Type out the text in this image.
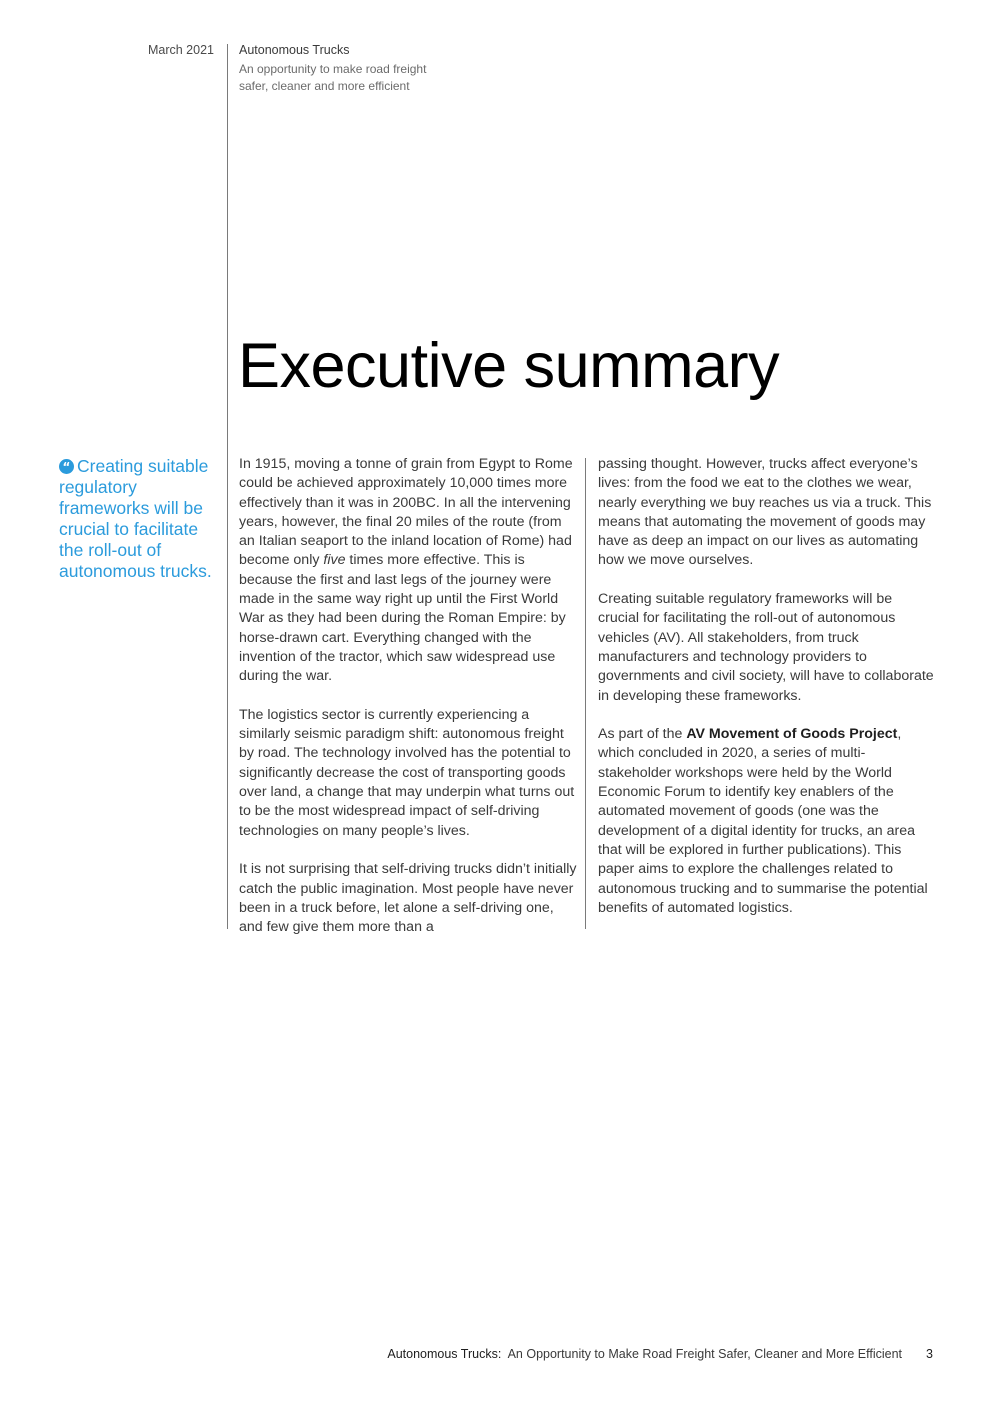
March 2021 Autonomous Trucks
An opportunity to make road freight
safer, cleaner and more efficient
Executive summary
“ Creating suitable regulatory frameworks will be crucial to facilitate the roll-out of autonomous trucks.

In 1915, moving a tonne of grain from Egypt to Rome could be achieved approximately 10,000 times more effectively than it was in 200BC. In all the intervening years, however, the final 20 miles of the route (from an Italian seaport to the inland location of Rome) had become only five times more effective. This is because the first and last legs of the journey were made in the same way right up until the First World War as they had been during the Roman Empire: by horse-drawn cart. Everything changed with the invention of the tractor, which saw widespread use during the war.

The logistics sector is currently experiencing a similarly seismic paradigm shift: autonomous freight by road. The technology involved has the potential to significantly decrease the cost of transporting goods over land, a change that may underpin what turns out to be the most widespread impact of self-driving technologies on many people’s lives.

It is not surprising that self-driving trucks didn’t initially catch the public imagination. Most people have never been in a truck before, let alone a self-driving one, and few give them more than a

passing thought. However, trucks affect everyone’s lives: from the food we eat to the clothes we wear, nearly everything we buy reaches us via a truck. This means that automating the movement of goods may have as deep an impact on our lives as automating how we move ourselves.

Creating suitable regulatory frameworks will be crucial for facilitating the roll-out of autonomous vehicles (AV). All stakeholders, from truck manufacturers and technology providers to governments and civil society, will have to collaborate in developing these frameworks.

As part of the AV Movement of Goods Project, which concluded in 2020, a series of multi-stakeholder workshops were held by the World Economic Forum to identify key enablers of the automated movement of goods (one was the development of a digital identity for trucks, an area that will be explored in further publications). This paper aims to explore the challenges related to autonomous trucking and to summarise the potential benefits of automated logistics.

Autonomous Trucks: An Opportunity to Make Road Freight Safer, Cleaner and More Efficient 3
